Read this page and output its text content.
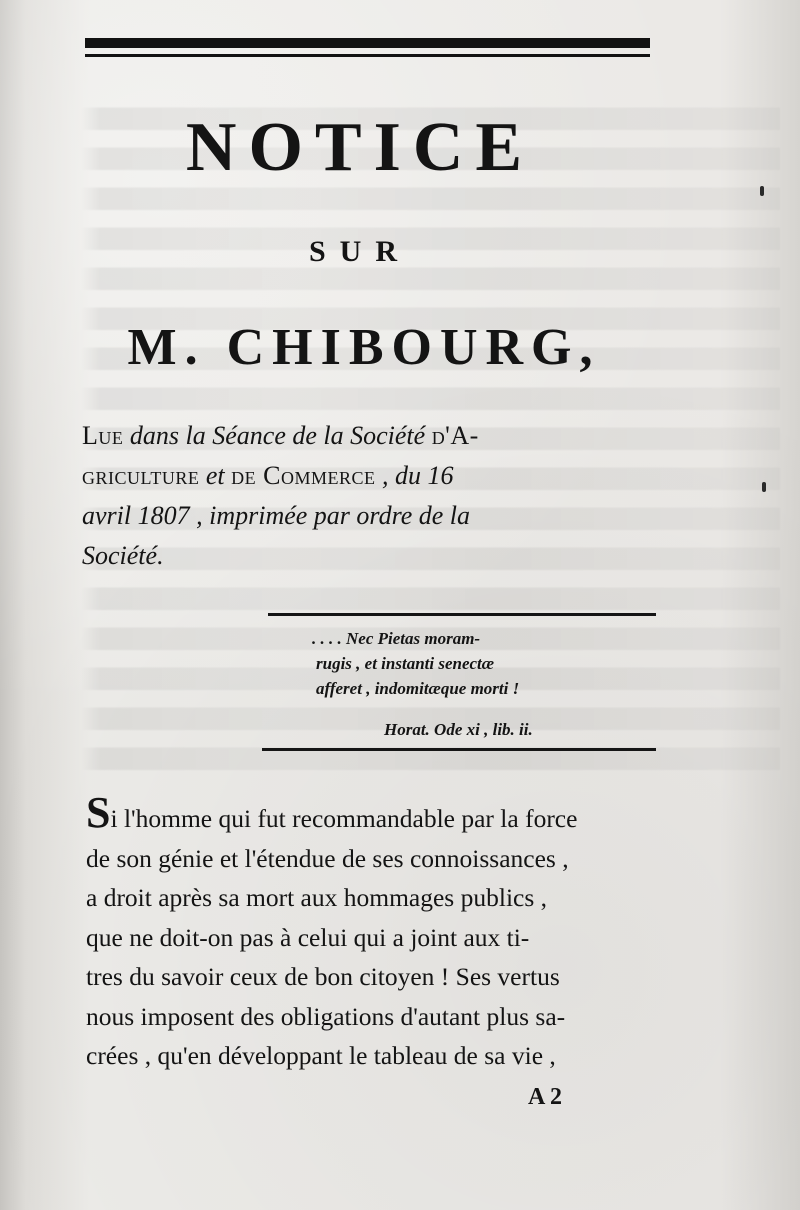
NOTICE
SUR
M. CHIBOURG,
Lue dans la Séance de la Société d'A-
griculture et de Commerce , du 16
avril 1807 , imprimée par ordre de la
Société.
. . . . Nec Pietas moram-
rugis , et instanti senectæ
afferet , indomitæque morti !
Horat. Ode xi , lib. ii.
Si l'homme qui fut recommandable par la force
de son génie et l'étendue de ses connoissances ,
a droit après sa mort aux hommages publics ,
que ne doit-on pas à celui qui a joint aux ti-
tres du savoir ceux de bon citoyen ! Ses vertus
nous imposent des obligations d'autant plus sa-
crées , qu'en développant le tableau de sa vie ,
A 2
